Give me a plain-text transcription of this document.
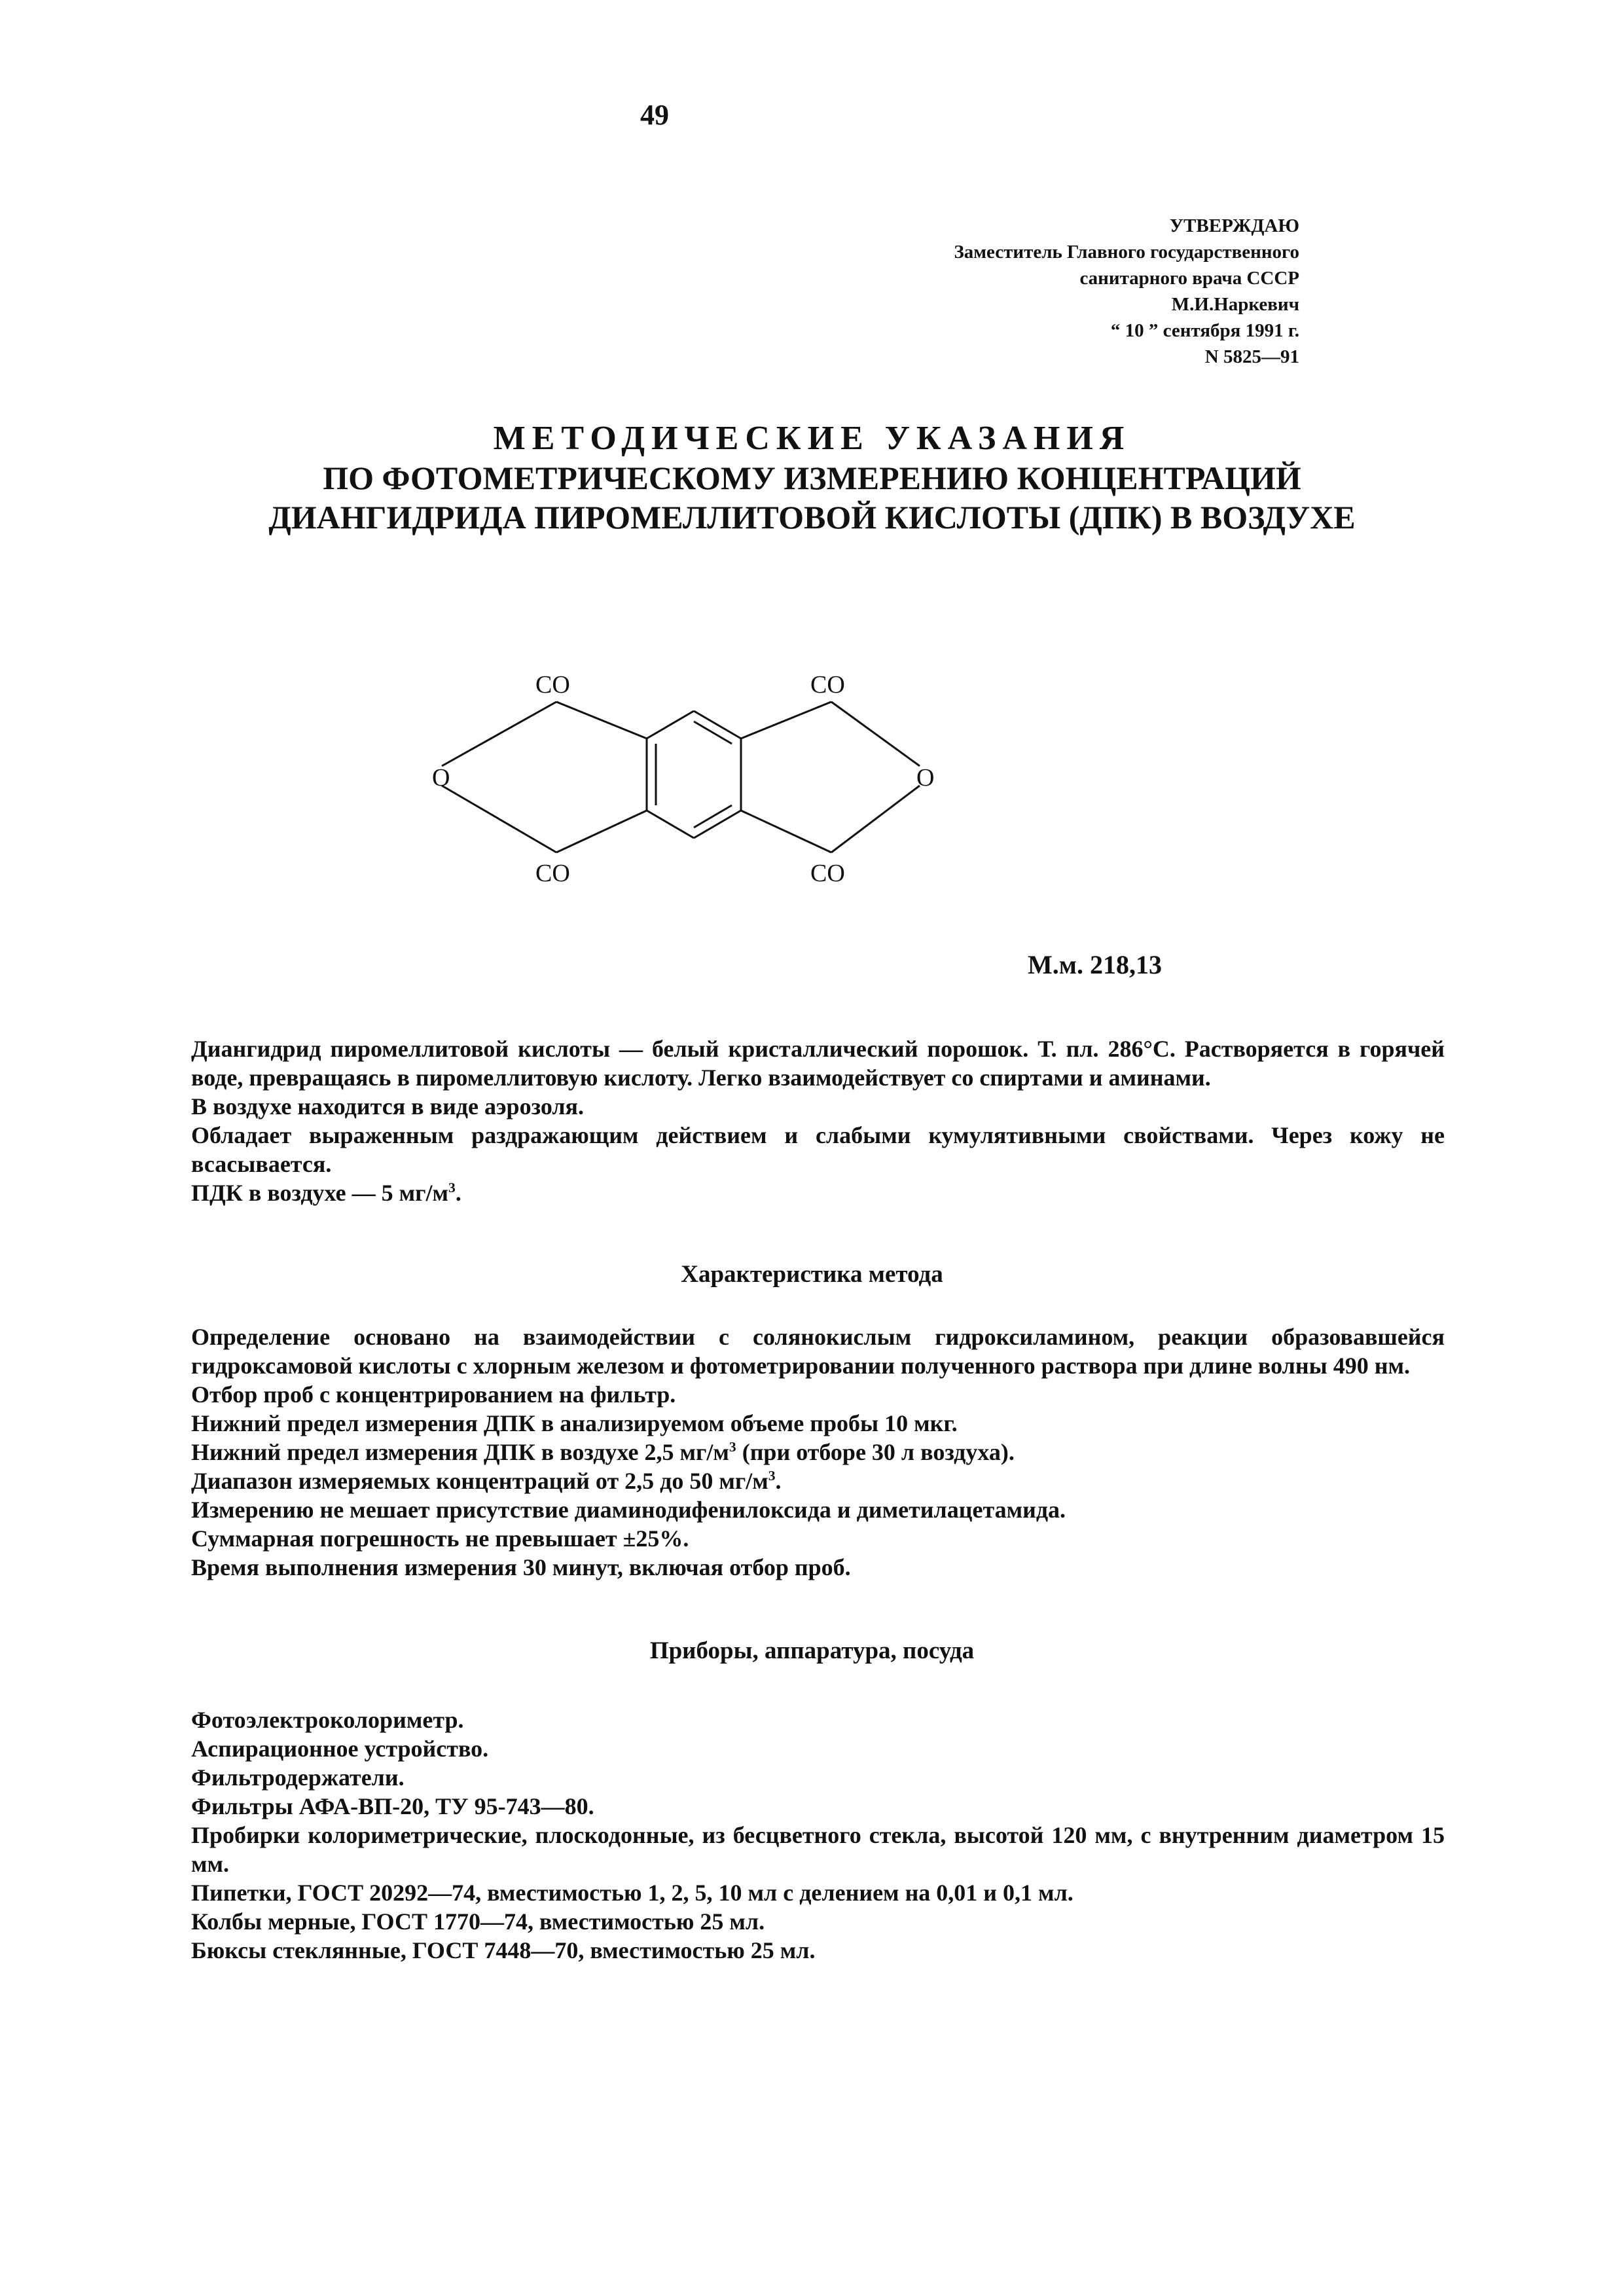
49
УТВЕРЖДАЮ
Заместитель Главного государственного
санитарного врача СССР
М.И.Наркевич
“ 10 ” сентября 1991 г.
N 5825—91
МЕТОДИЧЕСКИЕ УКАЗАНИЯ
ПО ФОТОМЕТРИЧЕСКОМУ ИЗМЕРЕНИЮ КОНЦЕНТРАЦИЙ
ДИАНГИДРИДА ПИРОМЕЛЛИТОВОЙ КИСЛОТЫ (ДПК) В ВОЗДУХЕ
CO	CO
O	O
CO	CO
М.м. 218,13

Диангидрид пиромеллитовой кислоты — белый кристаллический порошок. Т. пл. 286°С. Растворяется в горячей воде, превращаясь в пиромеллитовую кислоту. Легко взаимодействует со спиртами и аминами.

В воздухе находится в виде аэрозоля.

Обладает выраженным раздражающим действием и слабыми кумулятивными свойствами. Через кожу не всасывается.

ПДК в воздухе — 5 $мг/м^3$.

Характеристика метода

Определение основано на взаимодействии с солянокислым гидроксиламином, реакции образовавшейся гидроксамовой кислоты с хлорным железом и фотометрировании полученного раствора при длине волны 490 нм.

Отбор проб с концентрированием на фильтр.

Нижний предел измерения ДПК в анализируемом объеме пробы 10 мкг.

Нижний предел измерения ДПК в воздухе 2,5 $мг/м^3$ (при отборе 30 л воздуха).

Диапазон измеряемых концентраций от 2,5 до 50 $мг/м^3$.

Измерению не мешает присутствие диаминодифенилоксида и диметилацетамида.

Суммарная погрешность не превышает ±25%.

Время выполнения измерения 30 минут, включая отбор проб.

Приборы, аппаратура, посуда

Фотоэлектроколориметр.

Аспирационное устройство.

Фильтродержатели.

Фильтры АФА-ВП-20, ТУ 95-743—80.

Пробирки колориметрические, плоскодонные, из бесцветного стекла, высотой 120 мм, с внутренним диаметром 15 мм.

Пипетки, ГОСТ 20292—74, вместимостью 1, 2, 5, 10 мл с делением на 0,01 и 0,1 мл.

Колбы мерные, ГОСТ 1770—74, вместимостью 25 мл.

Бюксы стеклянные, ГОСТ 7448—70, вместимостью 25 мл.
